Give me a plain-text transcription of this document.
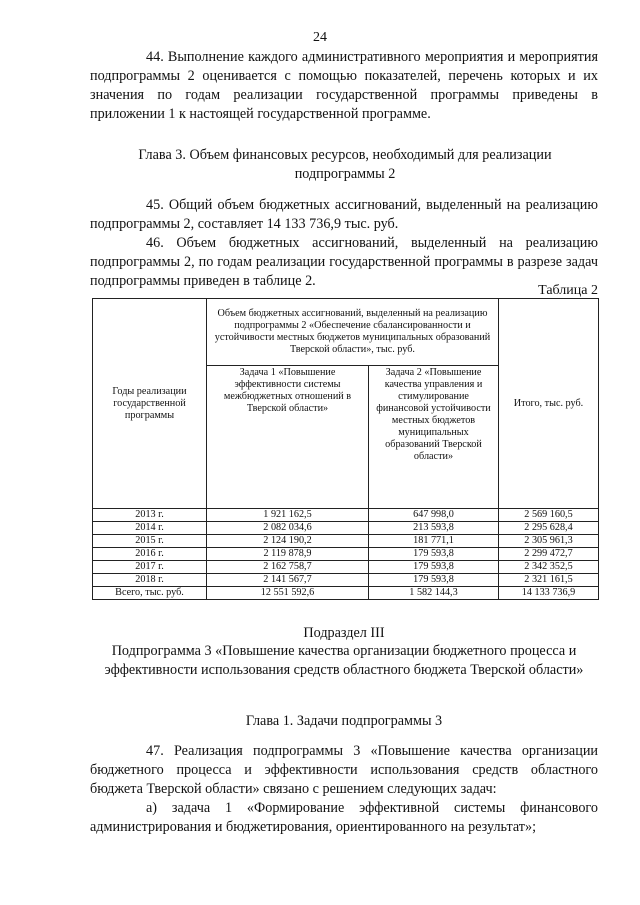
24
44. Выполнение каждого административного мероприятия и мероприятия подпрограммы 2 оценивается с помощью показателей, перечень которых и их значения по годам реализации государственной программы приведены в приложении 1 к настоящей государственной программе.
Глава 3. Объем финансовых ресурсов, необходимый для реализации подпрограммы 2
45. Общий объем бюджетных ассигнований, выделенный на реализацию подпрограммы 2, составляет 14 133 736,9 тыс. руб.
46. Объем бюджетных ассигнований, выделенный на реализацию подпрограммы 2, по годам реализации государственной программы в разрезе задач подпрограммы приведен в таблице 2.
Таблица 2
Годы реализации государственной программы	Объем бюджетных ассигнований, выделенный на реализацию подпрограммы 2 «Обеспечение сбалансированности и устойчивости местных бюджетов муниципальных образований Тверской области», тыс. руб.		Итого, тыс. руб.
	Задача 1 «Повышение эффективности системы межбюджетных отношений в Тверской области»	Задача 2 «Повышение качества управления и стимулирование финансовой устойчивости местных бюджетов муниципальных образований Тверской области»	
2013 г.	1 921 162,5	647 998,0	2 569 160,5
2014 г.	2 082 034,6	213 593,8	2 295 628,4
2015 г.	2 124 190,2	181 771,1	2 305 961,3
2016 г.	2 119 878,9	179 593,8	2 299 472,7
2017 г.	2 162 758,7	179 593,8	2 342 352,5
2018 г.	2 141 567,7	179 593,8	2 321 161,5
Всего, тыс. руб.	12 551 592,6	1 582 144,3	14 133 736,9
Подраздел III
Подпрограмма 3 «Повышение качества организации бюджетного процесса и эффективности использования средств областного бюджета Тверской области»
Глава 1. Задачи подпрограммы 3
47. Реализация подпрограммы 3 «Повышение качества организации бюджетного процесса и эффективности использования средств областного бюджета Тверской области» связано с решением следующих задач:
а) задача 1 «Формирование эффективной системы финансового администрирования и бюджетирования, ориентированного на результат»;
